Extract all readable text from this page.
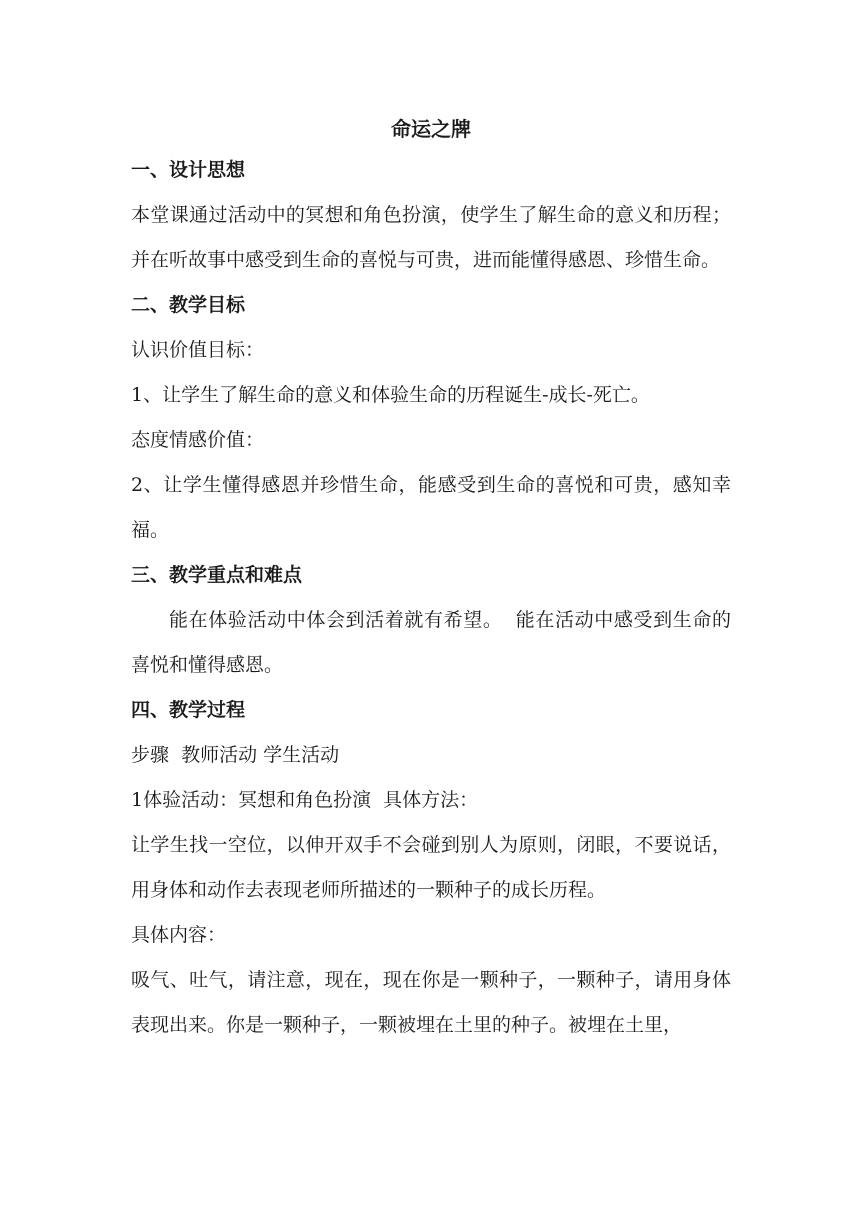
命运之牌
一、设计思想

本堂课通过活动中的冥想和角色扮演，使学生了解生命的意义和历程；并在听故事中感受到生命的喜悦与可贵，进而能懂得感恩、珍惜生命。

二、教学目标

认识价值目标：

1、让学生了解生命的意义和体验生命的历程诞生-成长-死亡。

态度情感价值：

2、让学生懂得感恩并珍惜生命，能感受到生命的喜悦和可贵，感知幸福。

三、教学重点和难点

能在体验活动中体会到活着就有希望。  能在活动中感受到生命的喜悦和懂得感恩。

四、教学过程

步骤  教师活动 学生活动

1体验活动：冥想和角色扮演  具体方法：

让学生找一空位，以伸开双手不会碰到别人为原则，闭眼，不要说话，用身体和动作去表现老师所描述的一颗种子的成长历程。

具体内容：

吸气、吐气，请注意，现在，现在你是一颗种子，一颗种子，请用身体表现出来。你是一颗种子，一颗被埋在土里的种子。被埋在土里，
